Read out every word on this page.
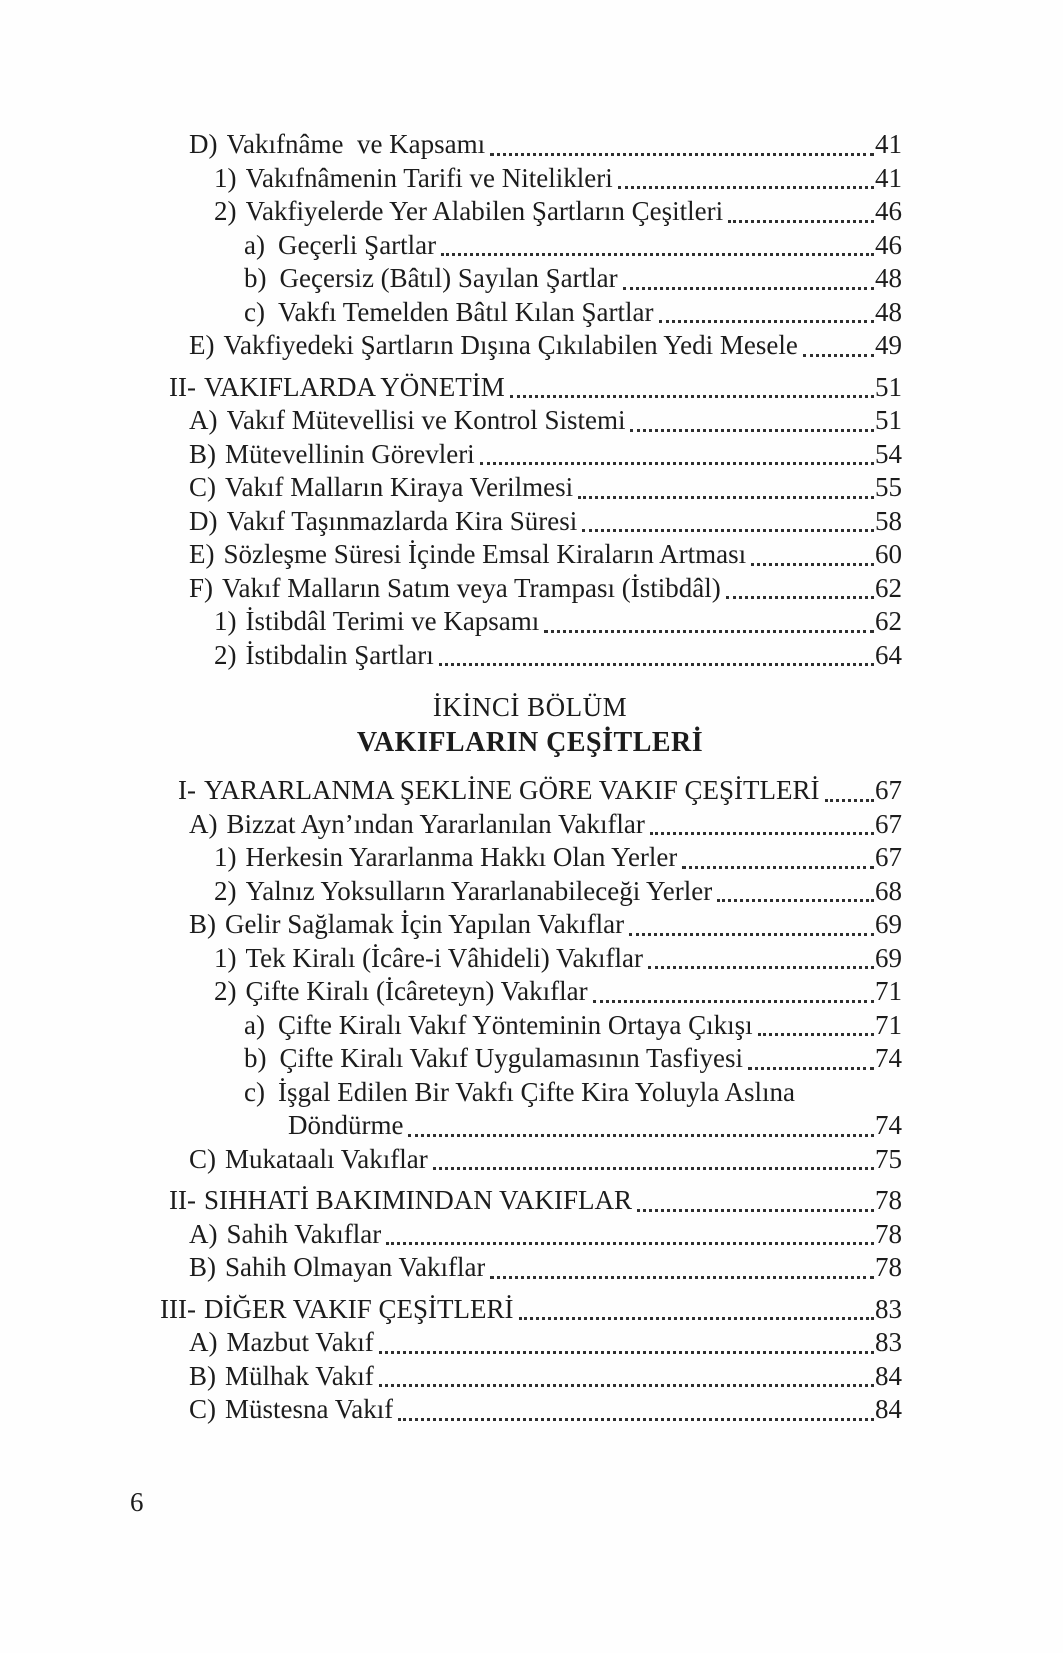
D) Vakıfnâme  ve Kapsamı	41
1) Vakıfnâmenin Tarifi ve Nitelikleri	41
2) Vakfiyelerde Yer Alabilen Şartların Çeşitleri	46
a) Geçerli Şartlar	46
b) Geçersiz (Bâtıl) Sayılan Şartlar	48
c) Vakfı Temelden Bâtıl Kılan Şartlar	48
E) Vakfiyedeki Şartların Dışına Çıkılabilen Yedi Mesele	49
II- VAKIFLARDA YÖNETİM	51
A) Vakıf Mütevellisi ve Kontrol Sistemi	51
B) Mütevellinin Görevleri	54
C) Vakıf Malların Kiraya Verilmesi	55
D) Vakıf Taşınmazlarda Kira Süresi	58
E) Sözleşme Süresi İçinde Emsal Kiraların Artması	60
F) Vakıf Malların Satım veya Trampası (İstibdâl)	62
1) İstibdâl Terimi ve Kapsamı	62
2) İstibdalin Şartları	64
İKİNCİ BÖLÜM
VAKIFLARIN ÇEŞİTLERİ
I- YARARLANMA ŞEKLİNE GÖRE VAKIF ÇEŞİTLERİ 67
A) Bizzat Ayn’ından Yararlanılan Vakıflar	67
1) Herkesin Yararlanma Hakkı Olan Yerler	67
2) Yalnız Yoksulların Yararlanabileceği Yerler	68
B) Gelir Sağlamak İçin Yapılan Vakıflar	69
1) Tek Kiralı (İcâre-i Vâhideli) Vakıflar	69
2) Çifte Kiralı (İcâreteyn) Vakıflar	71
a) Çifte Kiralı Vakıf Yönteminin Ortaya Çıkışı	71
b) Çifte Kiralı Vakıf Uygulamasının Tasfiyesi	74
c) İşgal Edilen Bir Vakfı Çifte Kira Yoluyla Aslına
Döndürme	74
C) Mukataalı Vakıflar	75
II- SIHHATİ BAKIMINDAN VAKIFLAR	78
A) Sahih Vakıflar	78
B) Sahih Olmayan Vakıflar	78
III- DİĞER VAKIF ÇEŞİTLERİ	83
A) Mazbut Vakıf	83
B) Mülhak Vakıf	84
C) Müstesna Vakıf	84
6
